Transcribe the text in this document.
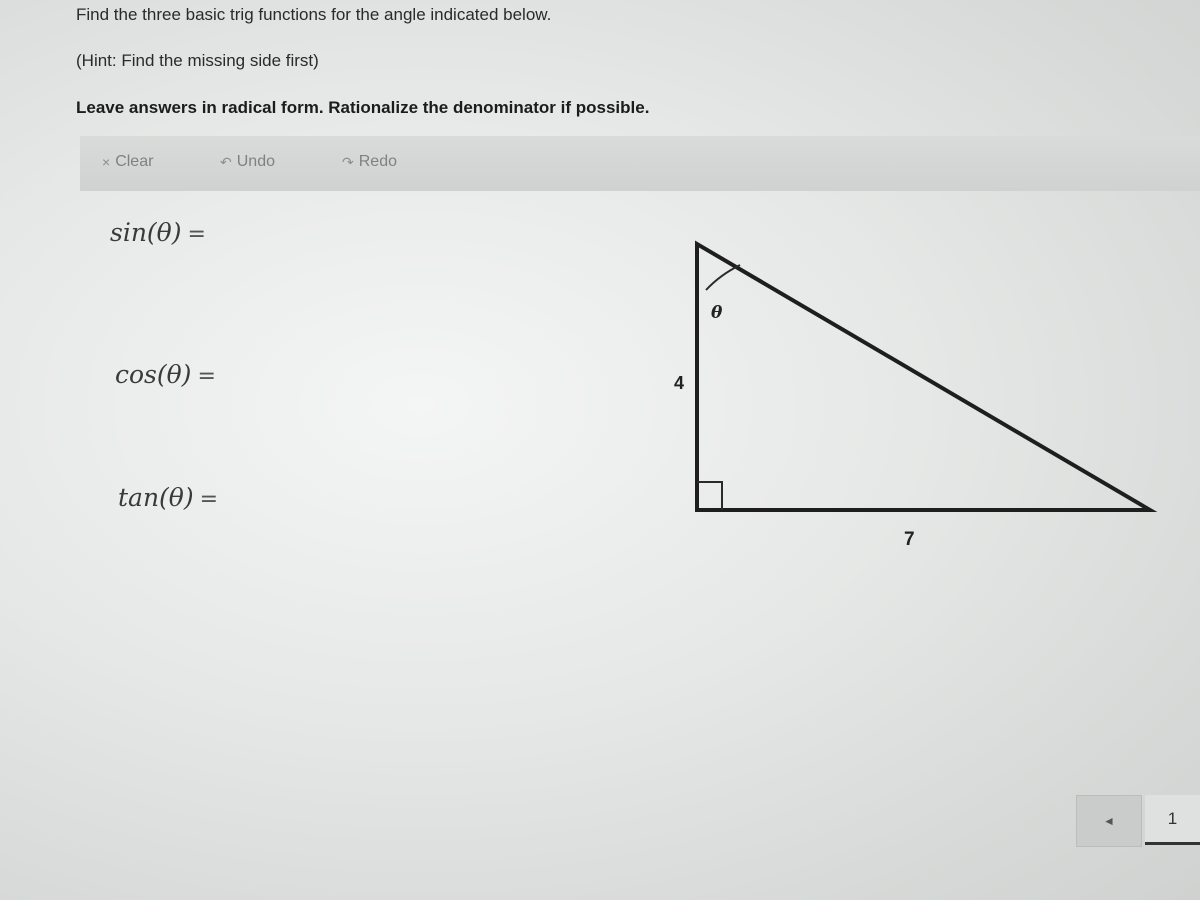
Find the three basic trig functions for the angle indicated below.
(Hint: Find the missing side first)
Leave answers in radical form. Rationalize the denominator if possible.
× Clear	↶ Undo	↷ Redo
sin(θ) =
cos(θ) =
tan(θ) =
θ
4
7
◄	1
